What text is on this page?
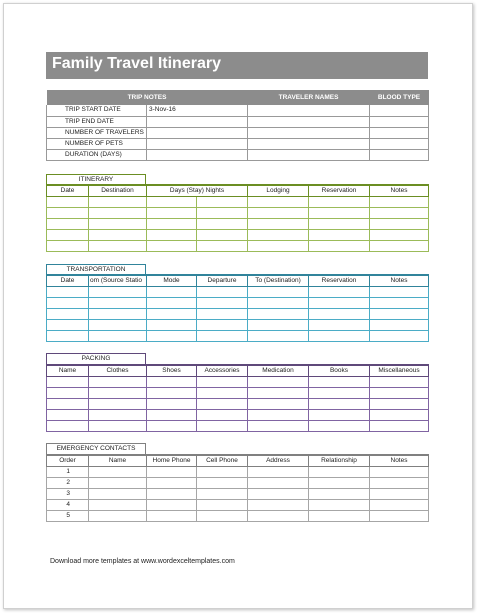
Family Travel Itinerary
TRIP NOTES		TRAVELER NAMES	BLOOD TYPE
TRIP START DATE	3-Nov-16		
TRIP END DATE			
NUMBER OF TRAVELERS			
NUMBER OF PETS			
DURATION (DAYS)			
ITINERARY
Date	Destination	Days (Stay) Nights		Lodging	Reservation	Notes

TRANSPORTATION
Date	om (Source Statio	Mode	Departure	To (Destination)	Reservation	Notes

PACKING
Name	Clothes	Shoes	Accessories	Medication	Books	Miscellaneous

EMERGENCY CONTACTS
Order	Name	Home Phone	Cell Phone	Address	Relationship	Notes
1						
2						
3						
4						
5						
Download more templates at www.wordexceltemplates.com
